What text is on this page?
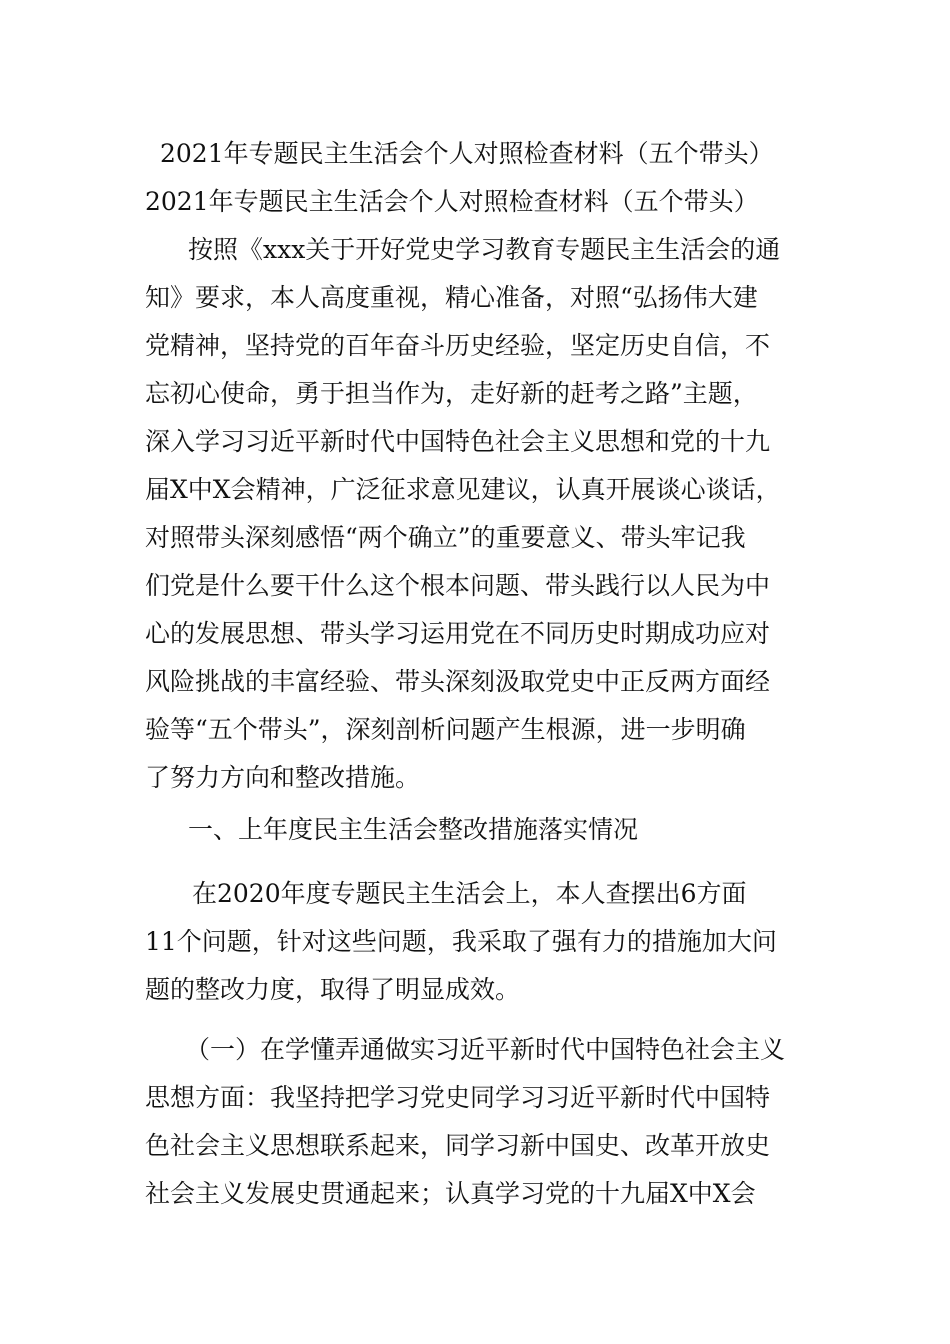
2021年专题民主生活会个人对照检查材料（五个带头）

2021年专题民主生活会个人对照检查材料（五个带头）

按照《xxx关于开好党史学习教育专题民主生活会的通

知》要求，本人高度重视，精心准备，对照“弘扬伟大建

党精神，坚持党的百年奋斗历史经验，坚定历史自信，不

忘初心使命，勇于担当作为，走好新的赶考之路”主题，

深入学习习近平新时代中国特色社会主义思想和党的十九

届X中X会精神，广泛征求意见建议，认真开展谈心谈话，

对照带头深刻感悟“两个确立”的重要意义、带头牢记我

们党是什么要干什么这个根本问题、带头践行以人民为中

心的发展思想、带头学习运用党在不同历史时期成功应对

风险挑战的丰富经验、带头深刻汲取党史中正反两方面经

验等“五个带头”，深刻剖析问题产生根源，进一步明确

了努力方向和整改措施。

一、上年度民主生活会整改措施落实情况

在2020年度专题民主生活会上，本人查摆出6方面

11个问题，针对这些问题，我采取了强有力的措施加大问

题的整改力度，取得了明显成效。

（一）在学懂弄通做实习近平新时代中国特色社会主义

思想方面：我坚持把学习党史同学习习近平新时代中国特

色社会主义思想联系起来，同学习新中国史、改革开放史

社会主义发展史贯通起来；认真学习党的十九届X中X会
